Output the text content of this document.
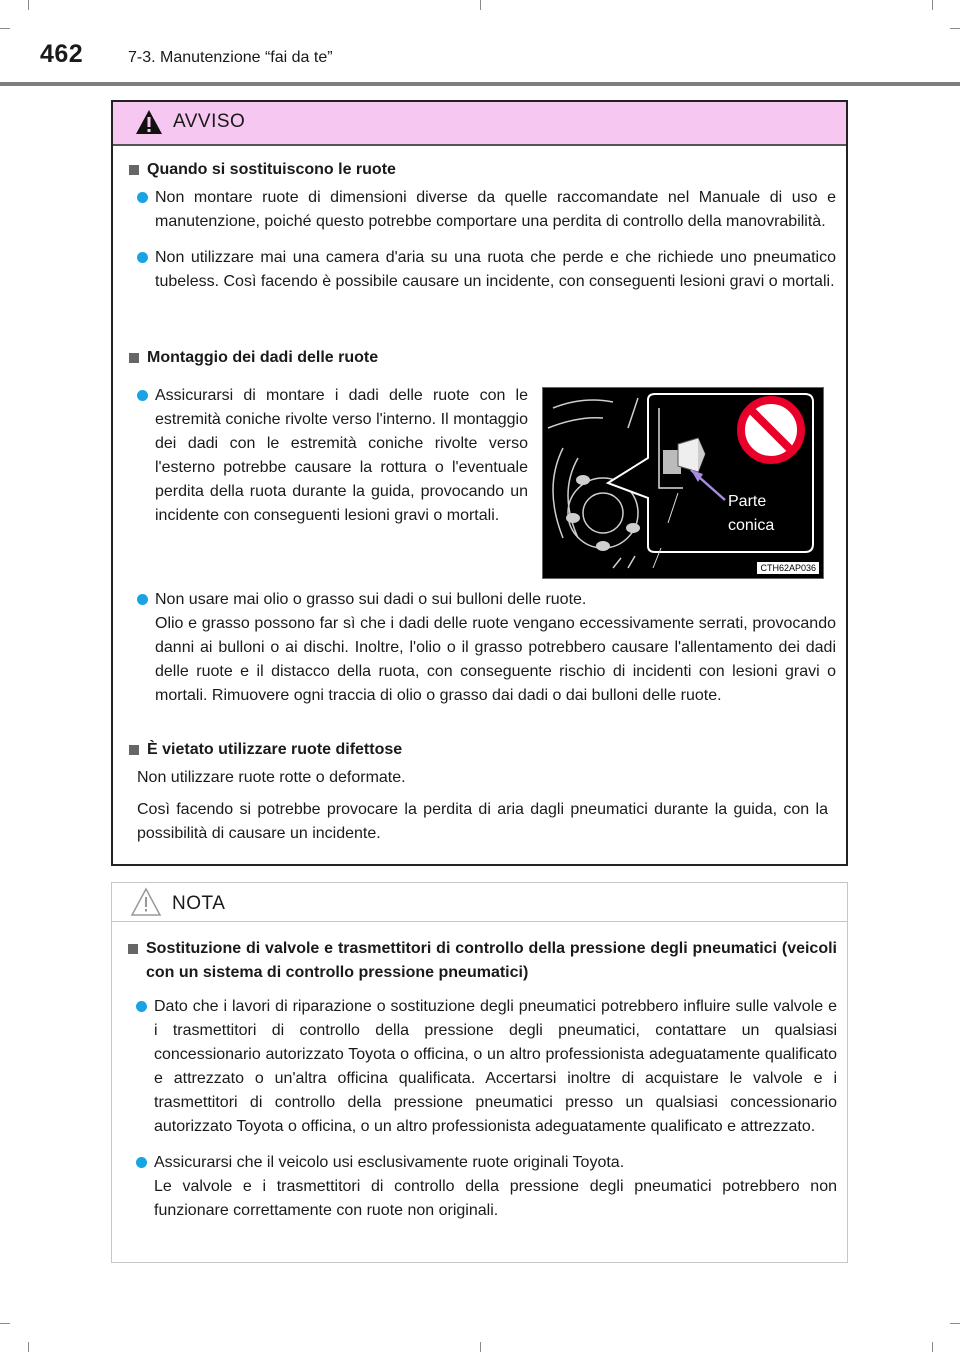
462	7-3. Manutenzione “fai da te”
AVVISO

Quando si sostituiscono le ruote

Non montare ruote di dimensioni diverse da quelle raccomandate nel Manuale di uso e manutenzione, poiché questo potrebbe comportare una perdita di controllo della manovrabilità.

Non utilizzare mai una camera d'aria su una ruota che perde e che richiede uno pneumatico tubeless. Così facendo è possibile causare un incidente, con conseguenti lesioni gravi o mortali.

Montaggio dei dadi delle ruote

Assicurarsi di montare i dadi delle ruote con le estremità coniche rivolte verso l'interno. Il montaggio dei dadi con le estremità coniche rivolte verso l'esterno potrebbe causare la rottura o l'eventuale perdita della ruota durante la guida, provocando un incidente con conseguenti lesioni gravi o mortali.

Non usare mai olio o grasso sui dadi o sui bulloni delle ruote.
Olio e grasso possono far sì che i dadi delle ruote vengano eccessivamente serrati, provocando danni ai bulloni o ai dischi. Inoltre, l'olio o il grasso potrebbero causare l'allentamento dei dadi delle ruote e il distacco della ruota, con conseguente rischio di incidenti con lesioni gravi o mortali. Rimuovere ogni traccia di olio o grasso dai dadi o dai bulloni delle ruote.

È vietato utilizzare ruote difettose

Non utilizzare ruote rotte o deformate.

Così facendo si potrebbe provocare la perdita di aria dagli pneumatici durante la guida, con la possibilità di causare un incidente.

Parte
conica
CTH62AP036
NOTA

Sostituzione di valvole e trasmettitori di controllo della pressione degli pneumatici (veicoli con un sistema di controllo pressione pneumatici)

Dato che i lavori di riparazione o sostituzione degli pneumatici potrebbero influire sulle valvole e i trasmettitori di controllo della pressione degli pneumatici, contattare un qualsiasi concessionario autorizzato Toyota o officina, o un altro professionista adeguatamente qualificato e attrezzato o un'altra officina qualificata. Accertarsi inoltre di acquistare le valvole e i trasmettitori di controllo della pressione pneumatici presso un qualsiasi concessionario autorizzato Toyota o officina, o un altro professionista adeguatamente qualificato e attrezzato.

Assicurarsi che il veicolo usi esclusivamente ruote originali Toyota.
Le valvole e i trasmettitori di controllo della pressione degli pneumatici potrebbero non funzionare correttamente con ruote non originali.
